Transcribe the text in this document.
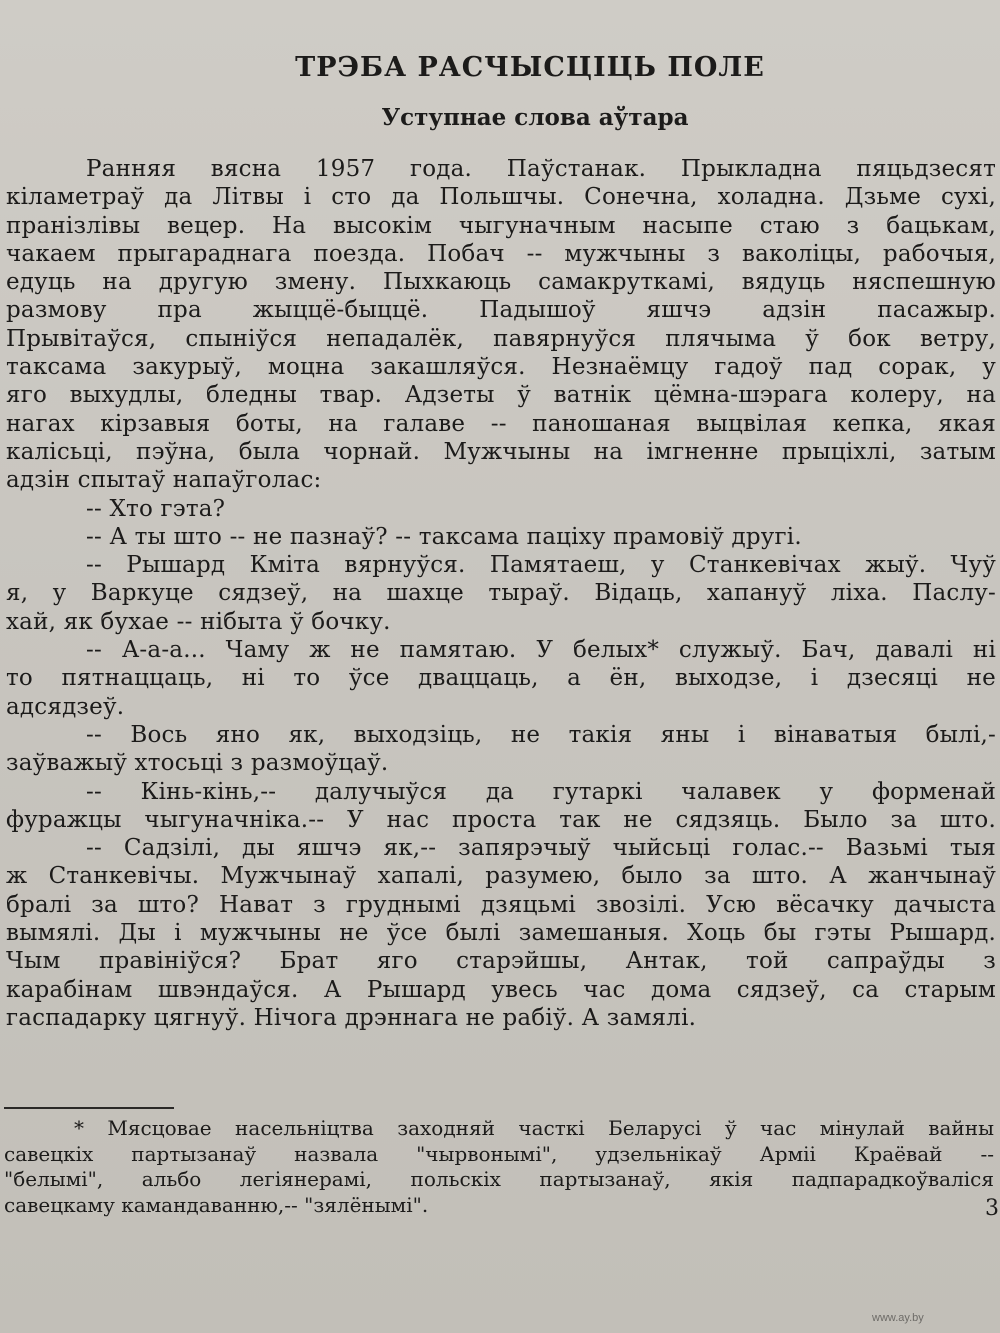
ТРЭБА РАСЧЫСЦІЦЬ ПОЛЕ
Уступнае слова аўтара
Ранняя вясна 1957 года. Паўстанак. Прыкладна пяцьдзесят
кіламетраў да Літвы і сто да Польшчы. Сонечна, холадна. Дзьме сухі,
пранізлівы вецер. На высокім чыгуначным насыпе стаю з бацькам,
чакаем прыгараднага поезда. Побач -- мужчыны з ваколіцы, рабочыя,
едуць на другую змену. Пыхкаюць самакруткамі, вядуць няспешную
размову пра жыццё-быццё. Падышоў яшчэ адзін пасажыр.
Прывітаўся, спыніўся непадалёк, павярнуўся плячыма ў бок ветру,
таксама закурыў, моцна закашляўся. Незнаёмцу гадоў пад сорак, у
яго выхудлы, бледны твар. Адзеты ў ватнік цёмна-шэрага колеру, на
нагах кірзавыя боты, на галаве -- паношаная выцвілая кепка, якая
калісьці, пэўна, была чорнай. Мужчыны на імгненне прыціхлі, затым
адзін спытаў напаўголас:
-- Хто гэта?
-- А ты што -- не пазнаў? -- таксама паціху прамовіў другі.
-- Рышард Кміта вярнуўся. Памятаеш, у Станкевічах жыў. Чуў
я, у Варкуце сядзеў, на шахце тыраў. Відаць, хапануў ліха. Паслу-
хай, як бухае -- нібыта ў бочку.
-- А-а-а... Чаму ж не памятаю. У белых* служыў. Бач, давалі ні
то пятнаццаць, ні то ўсе дваццаць, а ён, выходзе, і дзесяці не
адсядзеў.
-- Вось яно як, выходзіць, не такія яны і вінаватыя былі,-
заўважыў хтосьці з размоўцаў.
-- Кінь-кінь,-- далучыўся да гутаркі чалавек у форменай
фуражцы чыгуначніка.-- У нас проста так не сядзяць. Было за што.
-- Садзілі, ды яшчэ як,-- запярэчыў чыйсьці голас.-- Вазьмі тыя
ж Станкевічы. Мужчынаў хапалі, разумею, было за што. А жанчынаў
бралі за што? Нават з груднымі дзяцьмі звозілі. Усю вёсачку дачыста
вымялі. Ды і мужчыны не ўсе былі замешаныя. Хоць бы гэты Рышард.
Чым правініўся? Брат яго старэйшы, Антак, той сапраўды з
карабінам швэндаўся. А Рышард увесь час дома сядзеў, са старым
гаспадарку цягнуў. Нічога дрэннага не рабіў. А замялі.
* Мясцовае насельніцтва заходняй часткі Беларусі ў час мінулай вайны
савецкіх партызанаў назвала "чырвонымі", удзельнікаў Арміі Краёвай --
"белымі", альбо легіянерамі, польскіх партызанаў, якія падпарадкоўваліся
савецкаму камандаванню,-- "зялёнымі".	3
www.ay.by
